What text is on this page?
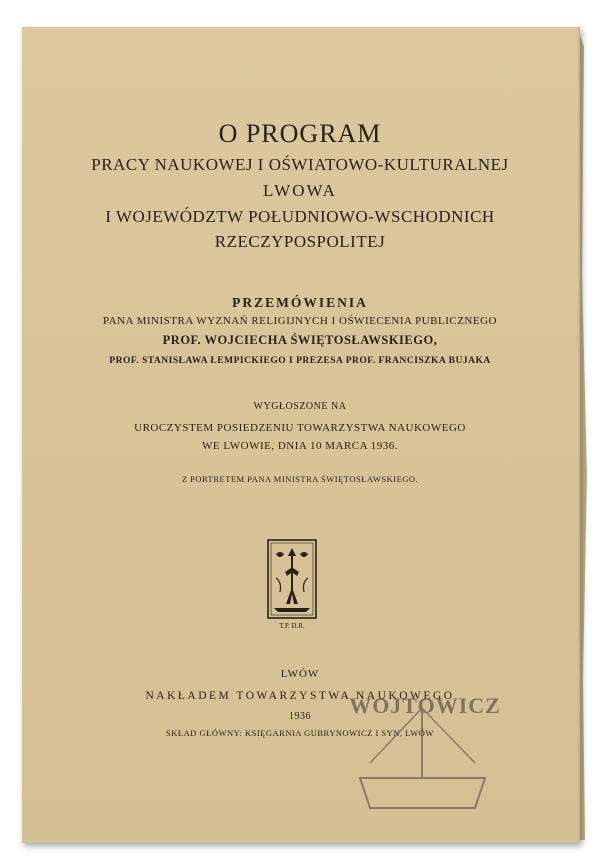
O PROGRAM
PRACY NAUKOWEJ I OŚWIATOWO-KULTURALNEJ
LWOWA
I WOJEWÓDZTW POŁUDNIOWO-WSCHODNICH
RZECZYPOSPOLITEJ
PRZEMÓWIENIA
PANA MINISTRA WYZNAŃ RELIGIJNYCH I OŚWIECENIA PUBLICZNEGO
PROF. WOJCIECHA ŚWIĘTOSŁAWSKIEGO,
PROF. STANISŁAWA ŁEMPICKIEGO I PREZESA PROF. FRANCISZKA BUJAKA
WYGŁOSZONE NA
UROCZYSTEM POSIEDZENIU TOWARZYSTWA NAUKOWEGO
WE LWOWIE, DNIA 10 MARCA 1936.
Z PORTRETEM PANA MINISTRA ŚWIĘTOSŁAWSKIEGO.
T.P. D.R.
LWÓW
NAKŁADEM TOWARZYSTWA NAUKOWEGO
1936
SKŁAD GŁÓWNY: KSIĘGARNIA GUBRYNOWICZ I SYN, LWÓW
WOJTOWICZ
